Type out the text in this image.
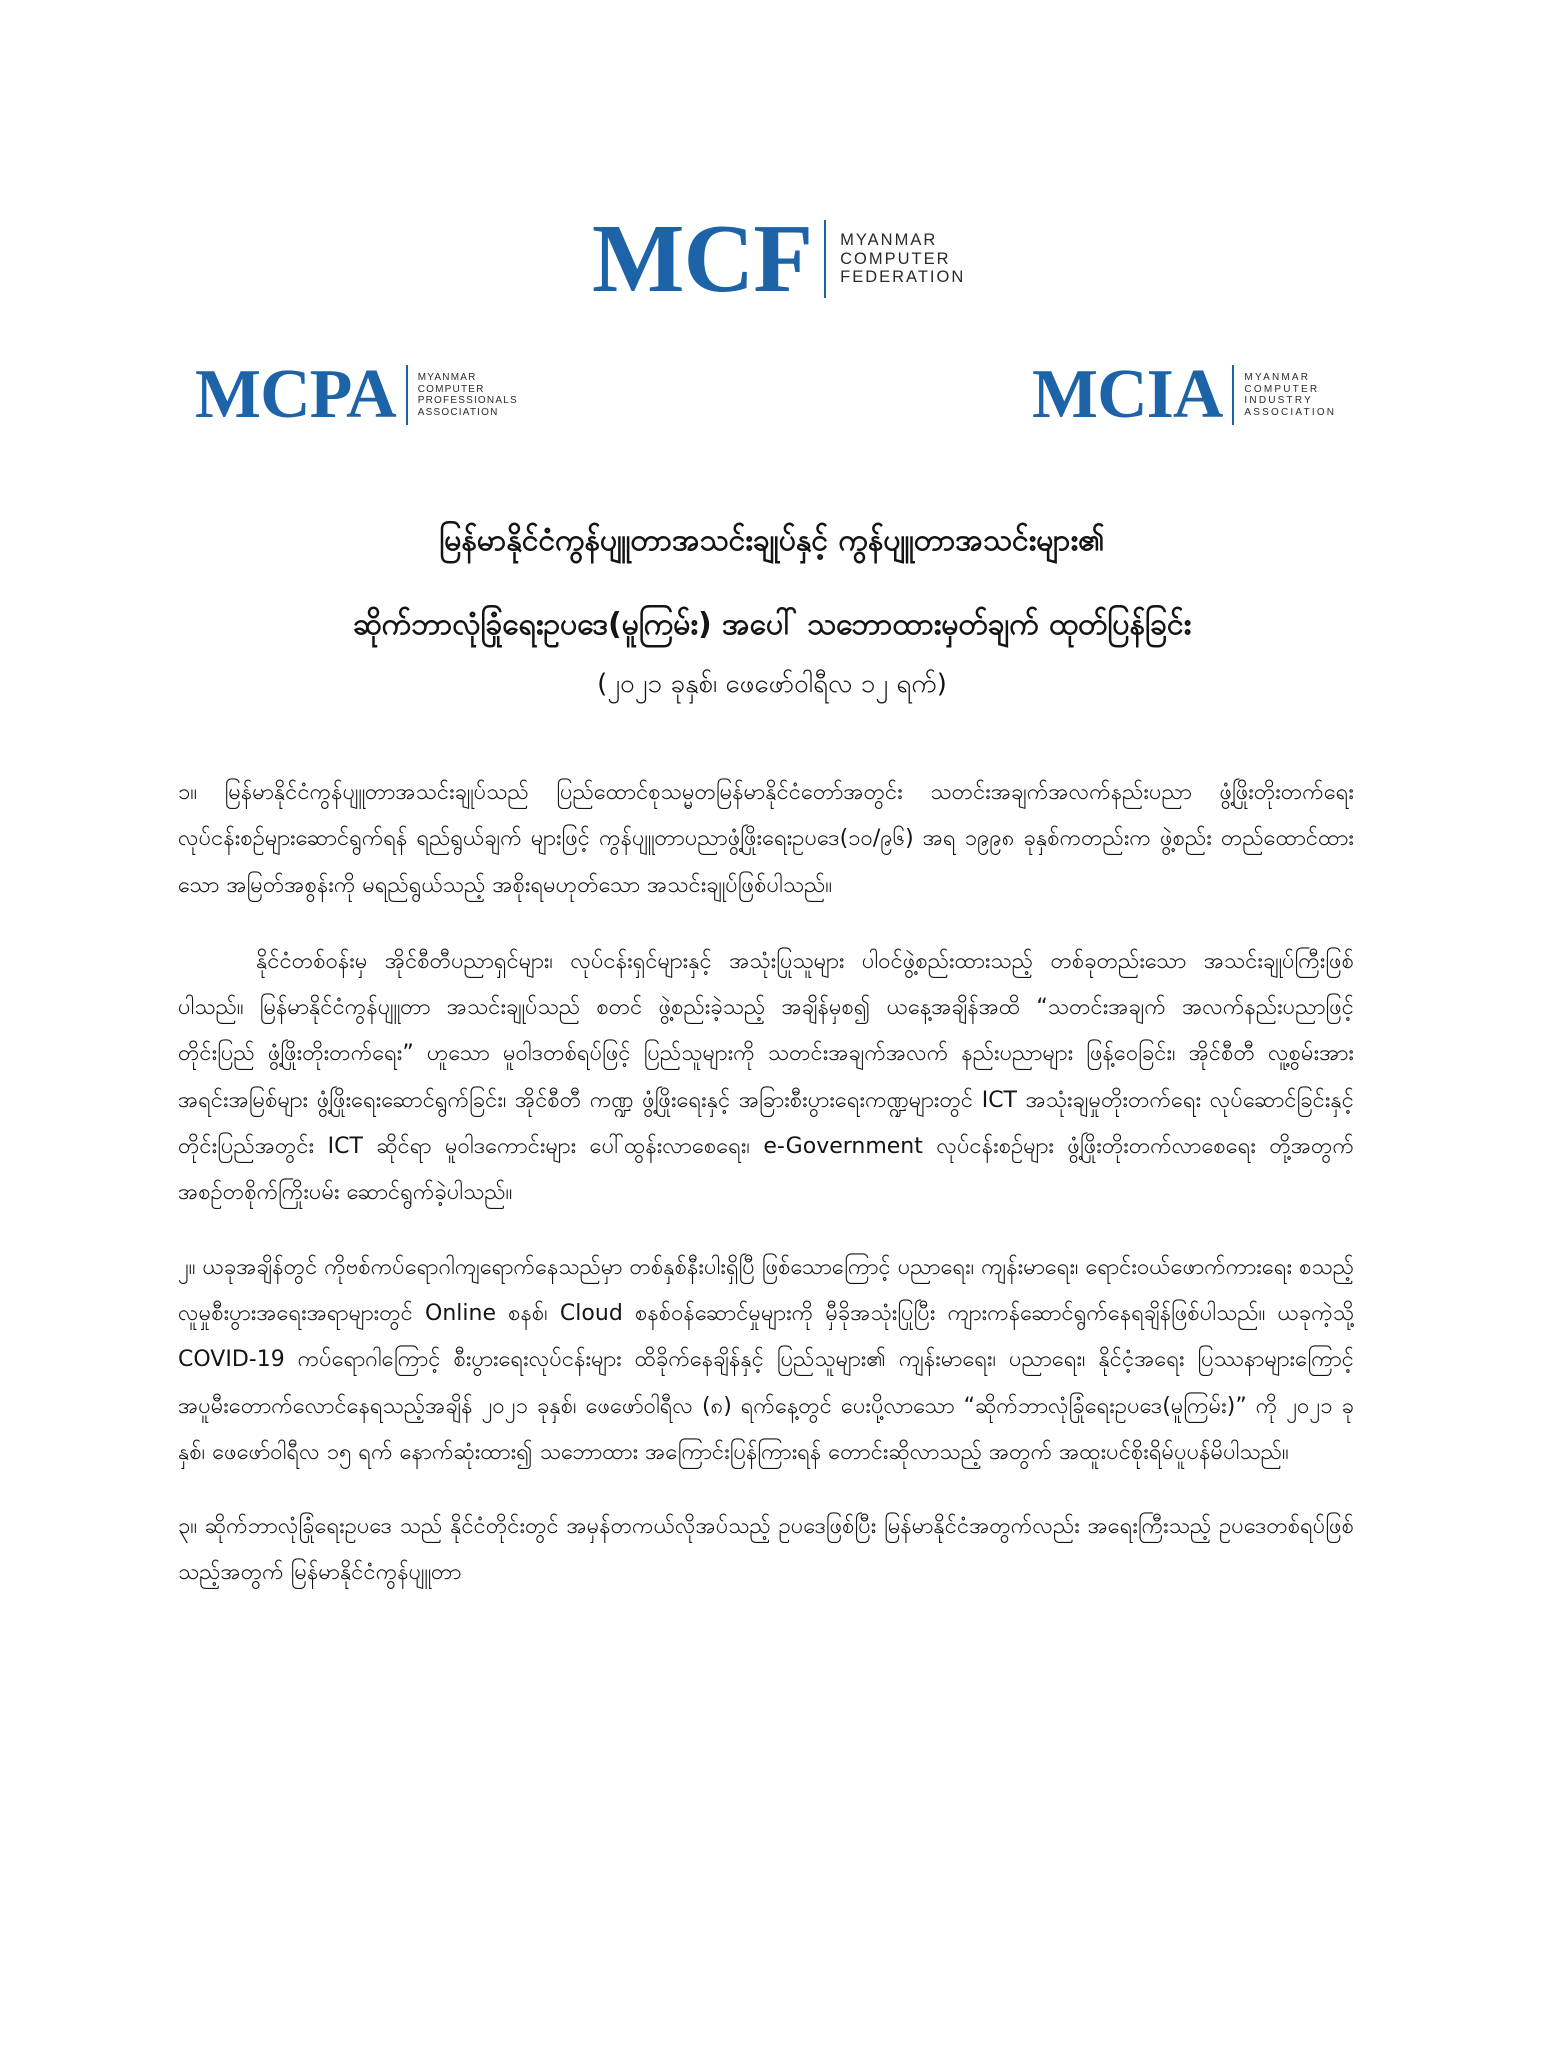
MCF MYANMAR
COMPUTER
FEDERATION
MCPA MYANMAR
COMPUTER
PROFESSIONALS
ASSOCIATION	MCIA MYANMAR
COMPUTER
INDUSTRY
ASSOCIATION
မြန်မာနိုင်ငံကွန်ပျူတာအသင်းချုပ်နှင့် ကွန်ပျူတာအသင်းများ၏
ဆိုက်ဘာလုံခြုံရေးဥပဒေ(မူကြမ်း) အပေါ် သဘောထားမှတ်ချက် ထုတ်ပြန်ခြင်း
(၂၀၂၁ ခုနှစ်၊ ဖေဖော်ဝါရီလ ၁၂ ရက်)

၁။ မြန်မာနိုင်ငံကွန်ပျူတာအသင်းချုပ်သည် ပြည်ထောင်စုသမ္မတမြန်မာနိုင်ငံတော်အတွင်း သတင်းအချက်အလက်နည်းပညာ ဖွံ့ဖြိုးတိုးတက်ရေး လုပ်ငန်းစဉ်များဆောင်ရွက်ရန် ရည်ရွယ်ချက် များဖြင့် ကွန်ပျူတာပညာဖွံ့ဖြိုးရေးဥပဒေ(၁၀/၉၆) အရ ၁၉၉၈ ခုနှစ်ကတည်းက ဖွဲ့စည်း တည်ထောင်ထားသော အမြတ်အစွန်းကို မရည်ရွယ်သည့် အစိုးရမဟုတ်သော အသင်းချုပ်ဖြစ်ပါသည်။

နိုင်ငံတစ်ဝန်းမှ အိုင်စီတီပညာရှင်များ၊ လုပ်ငန်းရှင်များနှင့် အသုံးပြုသူများ ပါဝင်ဖွဲ့စည်းထားသည့် တစ်ခုတည်းသော အသင်းချုပ်ကြီးဖြစ်ပါသည်။ မြန်မာနိုင်ငံကွန်ပျူတာ အသင်းချုပ်သည် စတင် ဖွဲ့စည်းခဲ့သည့် အချိန်မှစ၍ ယနေ့အချိန်အထိ “သတင်းအချက် အလက်နည်းပညာဖြင့် တိုင်းပြည် ဖွံ့ဖြိုးတိုးတက်ရေး” ဟူသော မူဝါဒတစ်ရပ်ဖြင့် ပြည်သူများကို သတင်းအချက်အလက် နည်းပညာများ ဖြန့်ဝေခြင်း၊ အိုင်စီတီ လူ့စွမ်းအား အရင်းအမြစ်များ ဖွံ့ဖြိုးရေးဆောင်ရွက်ခြင်း၊ အိုင်စီတီ ကဏ္ဍ ဖွံ့ဖြိုးရေးနှင့် အခြားစီးပွားရေးကဏ္ဍများတွင် ICT အသုံးချမှုတိုးတက်ရေး လုပ်ဆောင်ခြင်းနှင့် တိုင်းပြည်အတွင်း ICT ဆိုင်ရာ မူဝါဒကောင်းများ ပေါ်ထွန်းလာစေရေး၊ e-Government လုပ်ငန်းစဉ်များ ဖွံ့ဖြိုးတိုးတက်လာစေရေး တို့အတွက် အစဉ်တစိုက်ကြိုးပမ်း ဆောင်ရွက်ခဲ့ပါသည်။

၂။ ယခုအချိန်တွင် ကိုဗစ်ကပ်ရောဂါကျရောက်နေသည်မှာ တစ်နှစ်နီးပါးရှိပြီ ဖြစ်သောကြောင့် ပညာရေး၊ ကျန်းမာရေး၊ ရောင်းဝယ်ဖောက်ကားရေး စသည့် လူမှုစီးပွားအရေးအရာများတွင် Online စနစ်၊ Cloud စနစ်ဝန်ဆောင်မှုများကို မှီခိုအသုံးပြုပြီး ကျားကန်ဆောင်ရွက်နေရချိန်ဖြစ်ပါသည်။ ယခုကဲ့သို့ COVID-19 ကပ်ရောဂါကြောင့် စီးပွားရေးလုပ်ငန်းများ ထိခိုက်နေချိန်နှင့် ပြည်သူများ၏ ကျန်းမာရေး၊ ပညာရေး၊ နိုင်ငံ့အရေး ပြဿနာများကြောင့် အပူမီးတောက်လောင်နေရသည့်အချိန် ၂၀၂၁ ခုနှစ်၊ ဖေဖော်ဝါရီလ (၈) ရက်နေ့တွင် ပေးပို့လာသော “ဆိုက်ဘာလုံခြုံရေးဥပဒေ(မူကြမ်း)” ကို ၂၀၂၁ ခုနှစ်၊ ဖေဖော်ဝါရီလ ၁၅ ရက် နောက်ဆုံးထား၍ သဘောထား အကြောင်းပြန်ကြားရန် တောင်းဆိုလာသည့် အတွက် အထူးပင်စိုးရိမ်ပူပန်မိပါသည်။

၃။ ဆိုက်ဘာလုံခြုံရေးဥပဒေ သည် နိုင်ငံတိုင်းတွင် အမှန်တကယ်လိုအပ်သည့် ဥပဒေဖြစ်ပြီး မြန်မာနိုင်ငံအတွက်လည်း အရေးကြီးသည့် ဥပဒေတစ်ရပ်ဖြစ်သည့်အတွက် မြန်မာနိုင်ငံကွန်ပျူတာ
